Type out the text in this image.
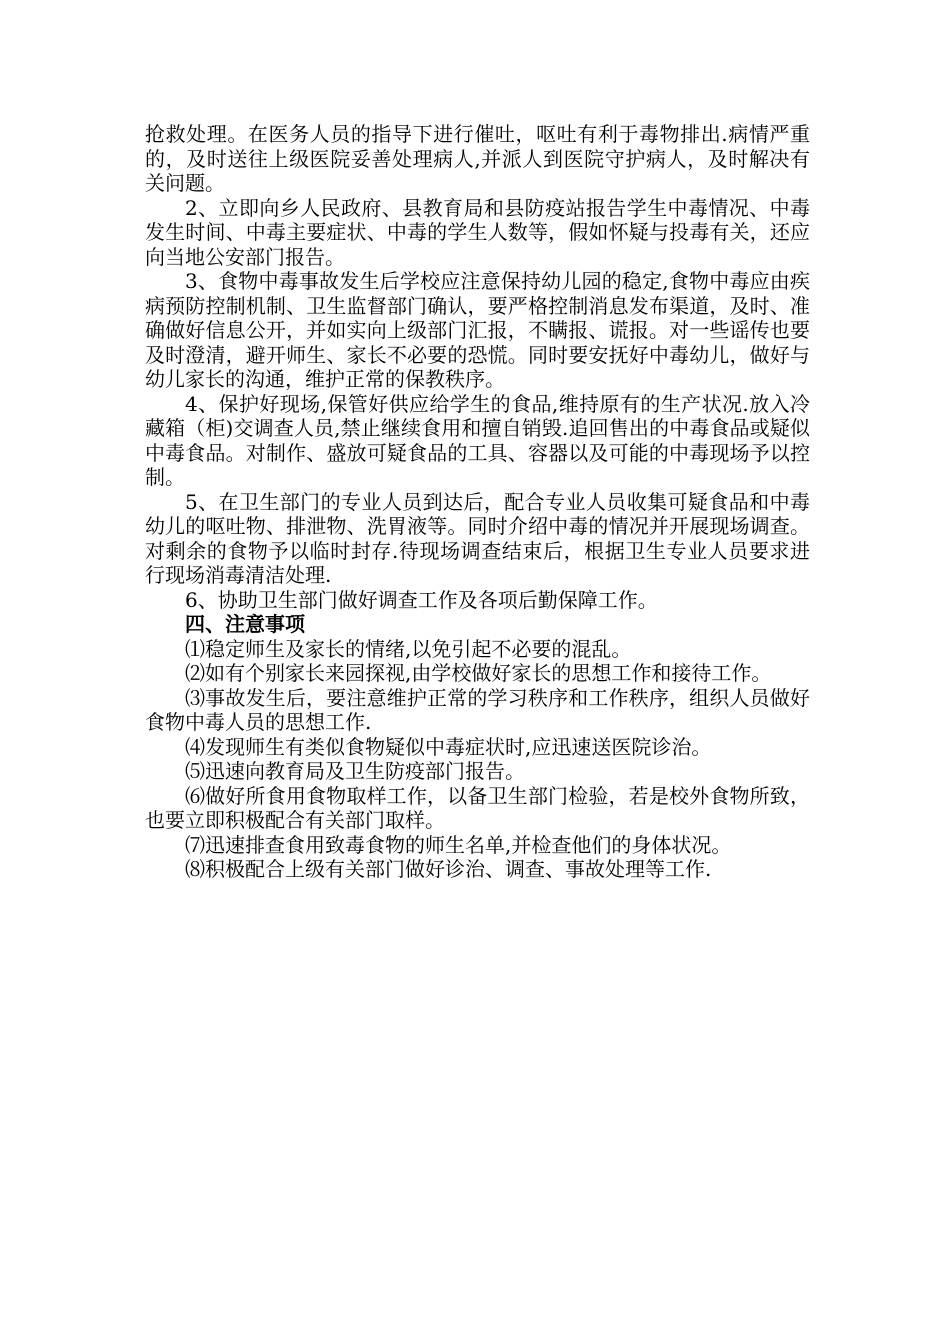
抢救处理。在医务人员的指导下进行催吐，呕吐有利于毒物排出.病情严重的，及时送往上级医院妥善处理病人,并派人到医院守护病人，及时解决有关问题。

2、立即向乡人民政府、县教育局和县防疫站报告学生中毒情况、中毒发生时间、中毒主要症状、中毒的学生人数等，假如怀疑与投毒有关，还应向当地公安部门报告。

3、食物中毒事故发生后学校应注意保持幼儿园的稳定,食物中毒应由疾病预防控制机制、卫生监督部门确认，要严格控制消息发布渠道，及时、准确做好信息公开，并如实向上级部门汇报，不瞒报、谎报。对一些谣传也要及时澄清，避开师生、家长不必要的恐慌。同时要安抚好中毒幼儿，做好与幼儿家长的沟通，维护正常的保教秩序。

4、保护好现场,保管好供应给学生的食品,维持原有的生产状况.放入冷藏箱（柜)交调查人员,禁止继续食用和擅自销毁.追回售出的中毒食品或疑似中毒食品。对制作、盛放可疑食品的工具、容器以及可能的中毒现场予以控制。

5、在卫生部门的专业人员到达后，配合专业人员收集可疑食品和中毒幼儿的呕吐物、排泄物、洗胃液等。同时介绍中毒的情况并开展现场调查。对剩余的食物予以临时封存.待现场调查结束后，根据卫生专业人员要求进行现场消毒清洁处理.

6、协助卫生部门做好调查工作及各项后勤保障工作。

四、注意事项

⑴稳定师生及家长的情绪,以免引起不必要的混乱。

⑵如有个别家长来园探视,由学校做好家长的思想工作和接待工作。

⑶事故发生后，要注意维护正常的学习秩序和工作秩序，组织人员做好食物中毒人员的思想工作.

⑷发现师生有类似食物疑似中毒症状时,应迅速送医院诊治。

⑸迅速向教育局及卫生防疫部门报告。

⑹做好所食用食物取样工作，以备卫生部门检验，若是校外食物所致，也要立即积极配合有关部门取样。

⑺迅速排查食用致毒食物的师生名单,并检查他们的身体状况。

⑻积极配合上级有关部门做好诊治、调查、事故处理等工作.
